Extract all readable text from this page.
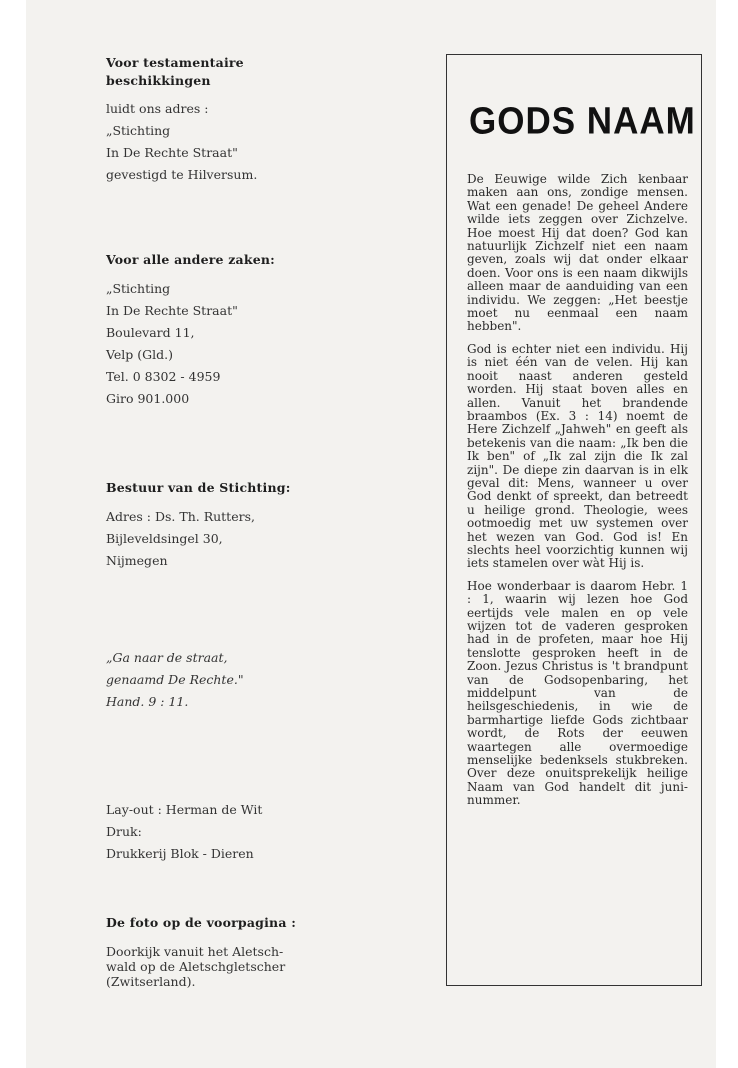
Voor testamentaire
beschikkingen
luidt ons adres :
„Stichting
In De Rechte Straat"
gevestigd te Hilversum.
Voor alle andere zaken:
„Stichting
In De Rechte Straat"
Boulevard 11,
Velp (Gld.)
Tel. 0 8302 - 4959
Giro 901.000
Bestuur van de Stichting:
Adres : Ds. Th. Rutters,
Bijleveldsingel 30,
Nijmegen
„Ga naar de straat,
genaamd De Rechte."
Hand. 9 : 11.
Lay-out : Herman de Wit
Druk:
Drukkerij Blok - Dieren
De foto op de voorpagina :
Doorkijk vanuit het Aletsch-
wald op de Aletschgletscher
(Zwitserland).
GODS NAAM

De Eeuwige wilde Zich kenbaar maken aan ons, zondige mensen. Wat een genade! De geheel Andere wilde iets zeggen over Zichzelve. Hoe moest Hij dat doen? God kan natuurlijk Zichzelf niet een naam geven, zoals wij dat onder elkaar doen. Voor ons is een naam dikwijls alleen maar de aanduiding van een individu. We zeggen: „Het beestje moet nu eenmaal een naam hebben".

God is echter niet een individu. Hij is niet één van de velen. Hij kan nooit naast anderen gesteld worden. Hij staat boven alles en allen. Vanuit het brandende braambos (Ex. 3 : 14) noemt de Here Zichzelf „Jahweh" en geeft als betekenis van die naam: „Ik ben die Ik ben" of „Ik zal zijn die Ik zal zijn". De diepe zin daarvan is in elk geval dit: Mens, wanneer u over God denkt of spreekt, dan betreedt u heilige grond. Theologie, wees ootmoedig met uw systemen over het wezen van God. God is! En slechts heel voorzichtig kunnen wij iets stamelen over wàt Hij is.

Hoe wonderbaar is daarom Hebr. 1 : 1, waarin wij lezen hoe God eertijds vele malen en op vele wijzen tot de vaderen gesproken had in de profeten, maar hoe Hij tenslotte gesproken heeft in de Zoon. Jezus Christus is 't brandpunt van de Godsopenbaring, het middelpunt van de heilsgeschiedenis, in wie de barmhartige liefde Gods zichtbaar wordt, de Rots der eeuwen waartegen alle overmoedige menselijke bedenksels stukbreken. Over deze onuitsprekelijk heilige Naam van God handelt dit juni-nummer.
